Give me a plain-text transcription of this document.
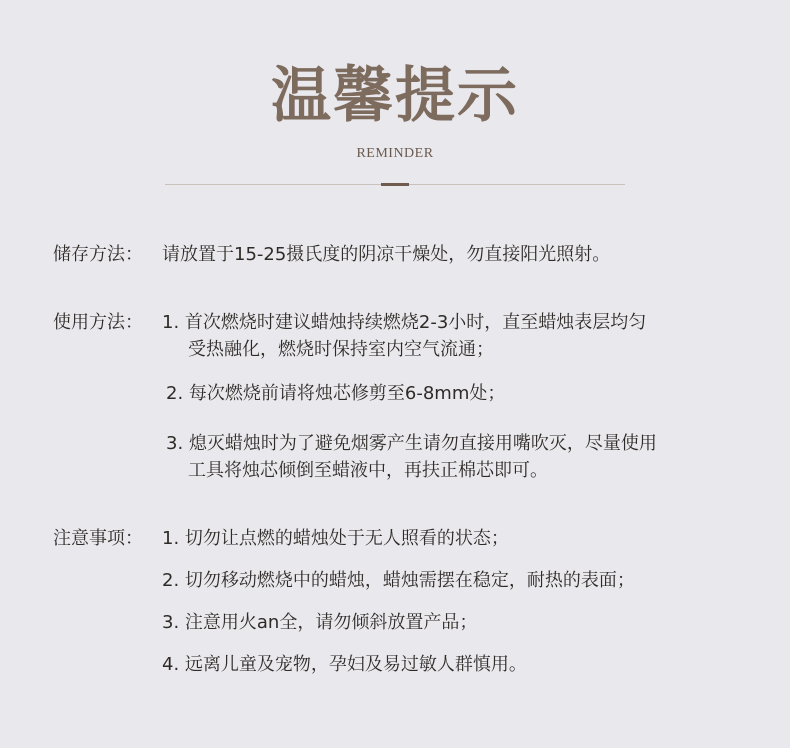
温馨提示
REMINDER
储存方法： 请放置于15-25摄氏度的阴凉干燥处，勿直接阳光照射。
使用方法： 1. 首次燃烧时建议蜡烛持续燃烧2-3小时，直至蜡烛表层均匀
受热融化，燃烧时保持室内空气流通；
2. 每次燃烧前请将烛芯修剪至6-8mm处；
3. 熄灭蜡烛时为了避免烟雾产生请勿直接用嘴吹灭，尽量使用
工具将烛芯倾倒至蜡液中，再扶正棉芯即可。
注意事项： 1. 切勿让点燃的蜡烛处于无人照看的状态；
2. 切勿移动燃烧中的蜡烛，蜡烛需摆在稳定，耐热的表面；
3. 注意用火an全，请勿倾斜放置产品；
4. 远离儿童及宠物，孕妇及易过敏人群慎用。
